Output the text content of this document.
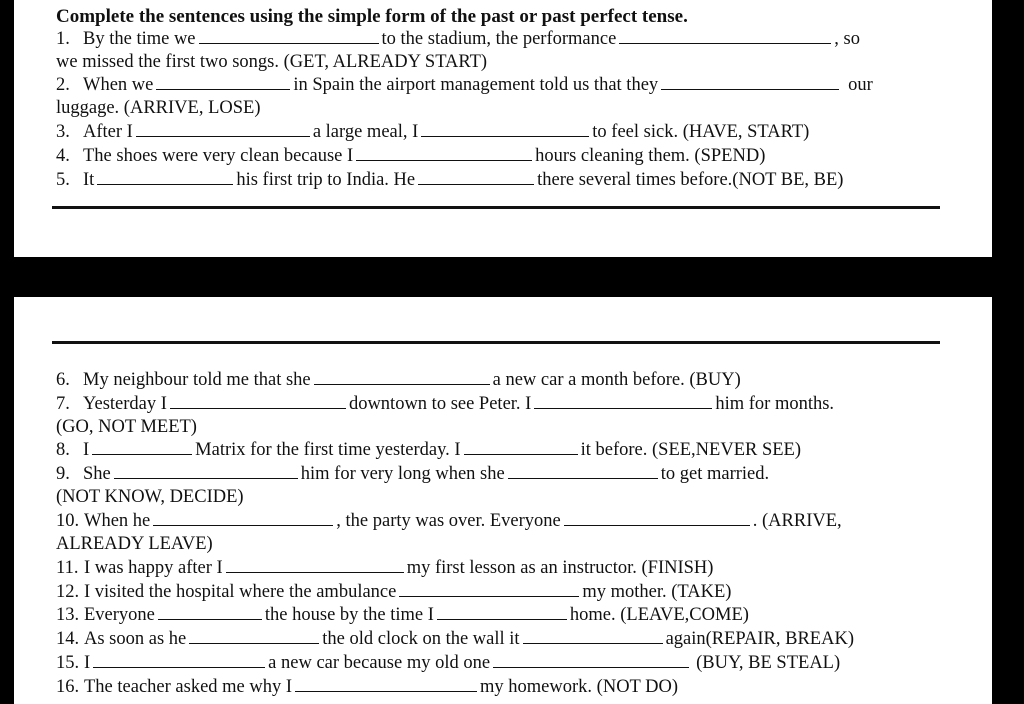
Complete the sentences using the simple form of the past or past perfect tense.
1. By the time we	to the stadium, the performance	, so
we missed the first two songs. (GET, ALREADY START)
2. When we	in Spain the airport management told us that they	our
luggage. (ARRIVE, LOSE)
3. After I	a large meal, I	to feel sick. (HAVE, START)
4. The shoes were very clean because I	hours cleaning them. (SPEND)
5. It	his first trip to India. He	there several times before.(NOT BE, BE)
6. My neighbour told me that she	a new car a month before. (BUY)
7. Yesterday I	downtown to see Peter. I	him for months.
(GO, NOT MEET)
8. I	Matrix for the first time yesterday. I	it before. (SEE,NEVER SEE)
9. She	him for very long when she	to get married.
(NOT KNOW, DECIDE)
10. When he	, the party was over. Everyone	. (ARRIVE,
ALREADY LEAVE)
11. I was happy after I	my first lesson as an instructor. (FINISH)
12. I visited the hospital where the ambulance	my mother. (TAKE)
13. Everyone	the house by the time I	home. (LEAVE,COME)
14. As soon as he	the old clock on the wall it	again(REPAIR, BREAK)
15. I	a new car because my old one	(BUY, BE STEAL)
16. The teacher asked me why I	my homework. (NOT DO)
